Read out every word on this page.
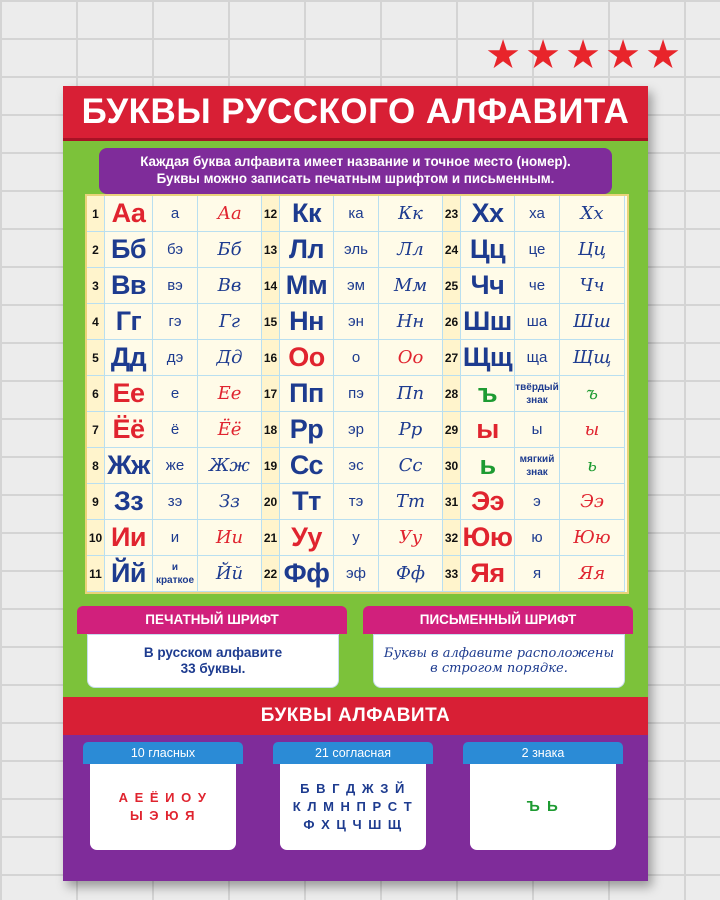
★ ★ ★ ★ ★
БУКВЫ РУССКОГО АЛФАВИТА
Каждая буква алфавита имеет название и точное место (номер).
Буквы можно записать печатным шрифтом и письменным.
1 Аа	а	Аа	12 Кк	ка	Кк	23 Хх	ха	Хх
2 Бб	бэ	Бб	13 Лл	эль	Лл	24 Цц	це	Цц
3 Вв	вэ	Вв	14 Мм	эм	Мм	25 Чч	че	Чч
4 Гг	гэ	Гг	15 Нн	эн	Нн	26 Шш ша	Шш
5 Дд	дэ	Дд	16 Оо	о	Оо	27 Щщ ща	Щщ
6 Ее	е	Ее	17 Пп	пэ	Пп	28 ъ	твёрдый знак	ъ
7 Ёё	ё	Ёё	18 Рр	эр	Рр	29 ы	ы	ы
8 Жж	же	Жж	19 Сс	эс	Сс	30 ь	мягкий знак	ь
9 Зз	зэ	Зз	20 Тт	тэ	Тт	31 Ээ	э	Ээ
10 Ии	и	Ии	21 Уу	у	Уу	32 Юю	ю	Юю
11 Йй	и краткое	Йй	22 Фф	эф	Фф	33 Яя	я	Яя
ПЕЧАТНЫЙ ШРИФТ
В русском алфавите
33 буквы.
ПИСЬМЕННЫЙ ШРИФТ
Буквы в алфавите расположены
в строгом порядке.
БУКВЫ АЛФАВИТА
10 гласных
А Е Ё И О У
Ы Э Ю Я
21 согласная
Б В Г Д Ж З Й
К Л М Н П Р С Т
Ф Х Ц Ч Ш Щ
2 знака
Ъ Ь
